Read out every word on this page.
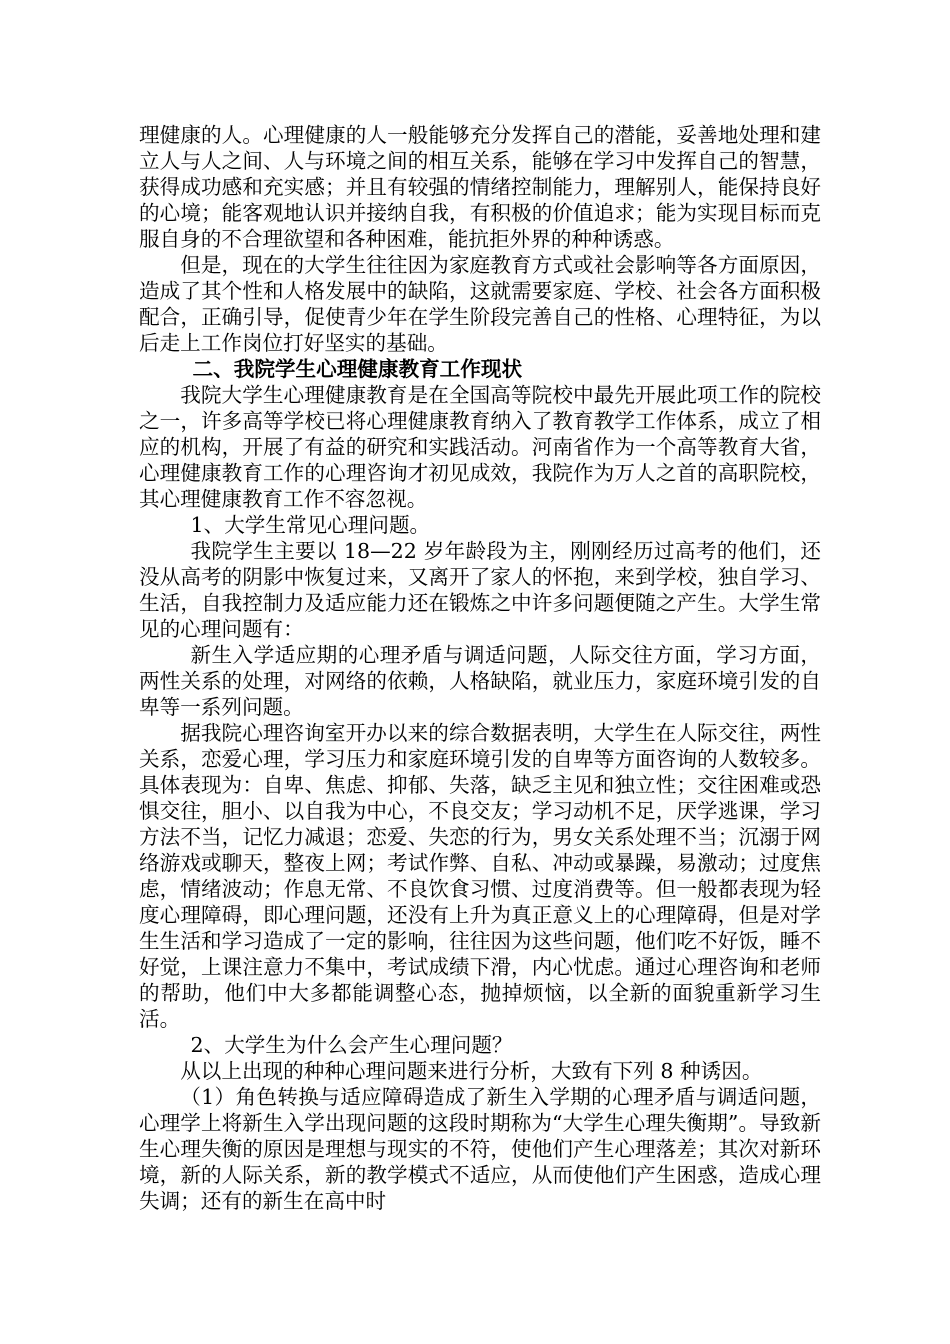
理健康的人。心理健康的人一般能够充分发挥自己的潜能，妥善地处理和建立人与人之间、人与环境之间的相互关系，能够在学习中发挥自己的智慧，获得成功感和充实感；并且有较强的情绪控制能力，理解别人，能保持良好的心境；能客观地认识并接纳自我，有积极的价值追求；能为实现目标而克服自身的不合理欲望和各种困难，能抗拒外界的种种诱惑。

但是，现在的大学生往往因为家庭教育方式或社会影响等各方面原因，造成了其个性和人格发展中的缺陷，这就需要家庭、学校、社会各方面积极配合，正确引导，促使青少年在学生阶段完善自己的性格、心理特征，为以后走上工作岗位打好坚实的基础。

二、我院学生心理健康教育工作现状

我院大学生心理健康教育是在全国高等院校中最先开展此项工作的院校之一，许多高等学校已将心理健康教育纳入了教育教学工作体系，成立了相应的机构，开展了有益的研究和实践活动。河南省作为一个高等教育大省，心理健康教育工作的心理咨询才初见成效，我院作为万人之首的高职院校，其心理健康教育工作不容忽视。

1、大学生常见心理问题。

我院学生主要以 18—22 岁年龄段为主，刚刚经历过高考的他们，还没从高考的阴影中恢复过来，又离开了家人的怀抱，来到学校，独自学习、生活，自我控制力及适应能力还在锻炼之中许多问题便随之产生。大学生常见的心理问题有：

新生入学适应期的心理矛盾与调适问题，人际交往方面，学习方面，两性关系的处理，对网络的依赖，人格缺陷，就业压力，家庭环境引发的自卑等一系列问题。

据我院心理咨询室开办以来的综合数据表明，大学生在人际交往，两性关系，恋爱心理，学习压力和家庭环境引发的自卑等方面咨询的人数较多。具体表现为：自卑、焦虑、抑郁、失落，缺乏主见和独立性；交往困难或恐惧交往，胆小、以自我为中心，不良交友；学习动机不足，厌学逃课，学习方法不当，记忆力减退；恋爱、失恋的行为，男女关系处理不当；沉溺于网络游戏或聊天，整夜上网；考试作弊、自私、冲动或暴躁，易激动；过度焦虑，情绪波动；作息无常、不良饮食习惯、过度消费等。但一般都表现为轻度心理障碍，即心理问题，还没有上升为真正意义上的心理障碍，但是对学生生活和学习造成了一定的影响，往往因为这些问题，他们吃不好饭，睡不好觉，上课注意力不集中，考试成绩下滑，内心忧虑。通过心理咨询和老师的帮助，他们中大多都能调整心态，抛掉烦恼，以全新的面貌重新学习生活。

2、大学生为什么会产生心理问题？

从以上出现的种种心理问题来进行分析，大致有下列 8 种诱因。

（1）角色转换与适应障碍造成了新生入学期的心理矛盾与调适问题，心理学上将新生入学出现问题的这段时期称为“大学生心理失衡期”。导致新生心理失衡的原因是理想与现实的不符，使他们产生心理落差；其次对新环境，新的人际关系，新的教学模式不适应，从而使他们产生困惑，造成心理失调；还有的新生在高中时
